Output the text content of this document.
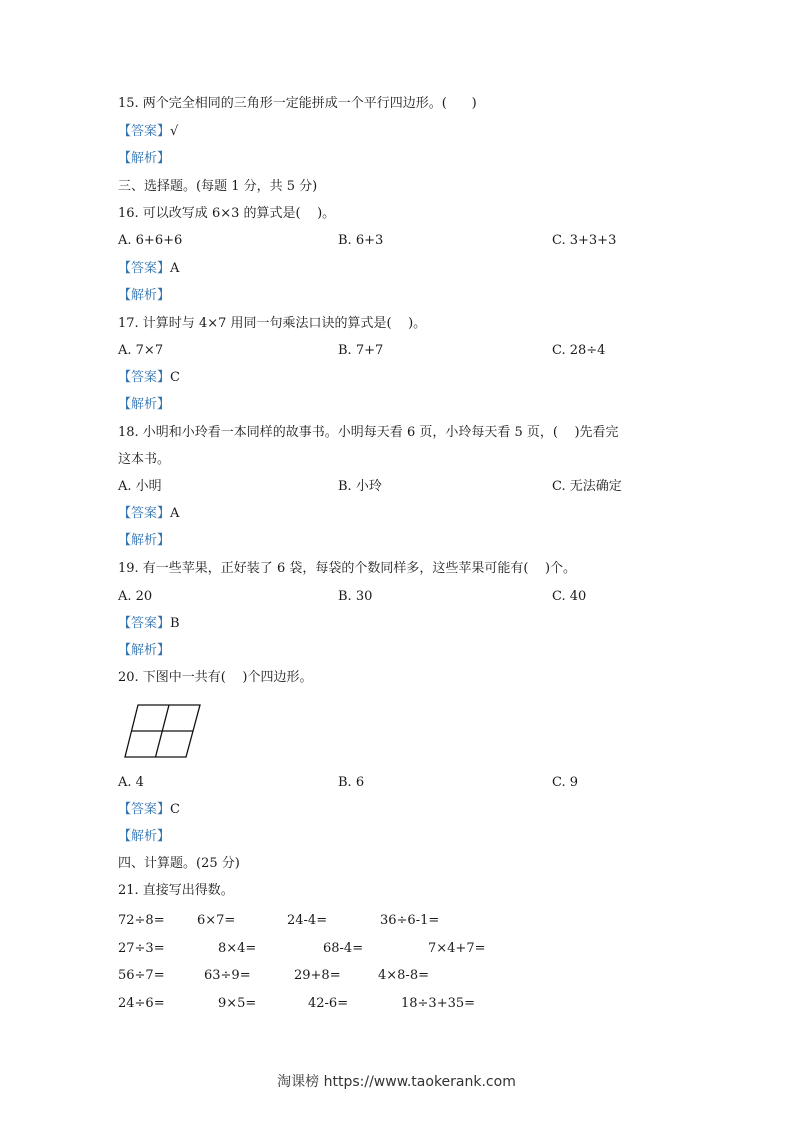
15. 两个完全相同的三角形一定能拼成一个平行四边形。(      )
【答案】√
【解析】
三、选择题。(每题 1 分，共 5 分)
16. 可以改写成 6×3 的算式是(    )。
A. 6+6+6	B. 6+3	C. 3+3+3
【答案】A
【解析】
17. 计算时与 4×7 用同一句乘法口诀的算式是(    )。
A. 7×7	B. 7+7	C. 28÷4
【答案】C
【解析】
18. 小明和小玲看一本同样的故事书。小明每天看 6 页，小玲每天看 5 页，(    )先看完
这本书。
A. 小明	B. 小玲	C. 无法确定
【答案】A
【解析】
19. 有一些苹果，正好装了 6 袋，每袋的个数同样多，这些苹果可能有(    )个。
A. 20	B. 30	C. 40
【答案】B
【解析】
20. 下图中一共有(    )个四边形。
A. 4	B. 6	C. 9
【答案】C
【解析】
四、计算题。(25 分)
21. 直接写出得数。
72÷8= 6×7=	24-4=	36÷6-1=
27÷3=	8×4=	68-4=	7×4+7=
56÷7=	63÷9=	29+8=	4×8-8=
24÷6=	9×5=	42-6=	18÷3+35=
淘课榜 https://www.taokerank.com
